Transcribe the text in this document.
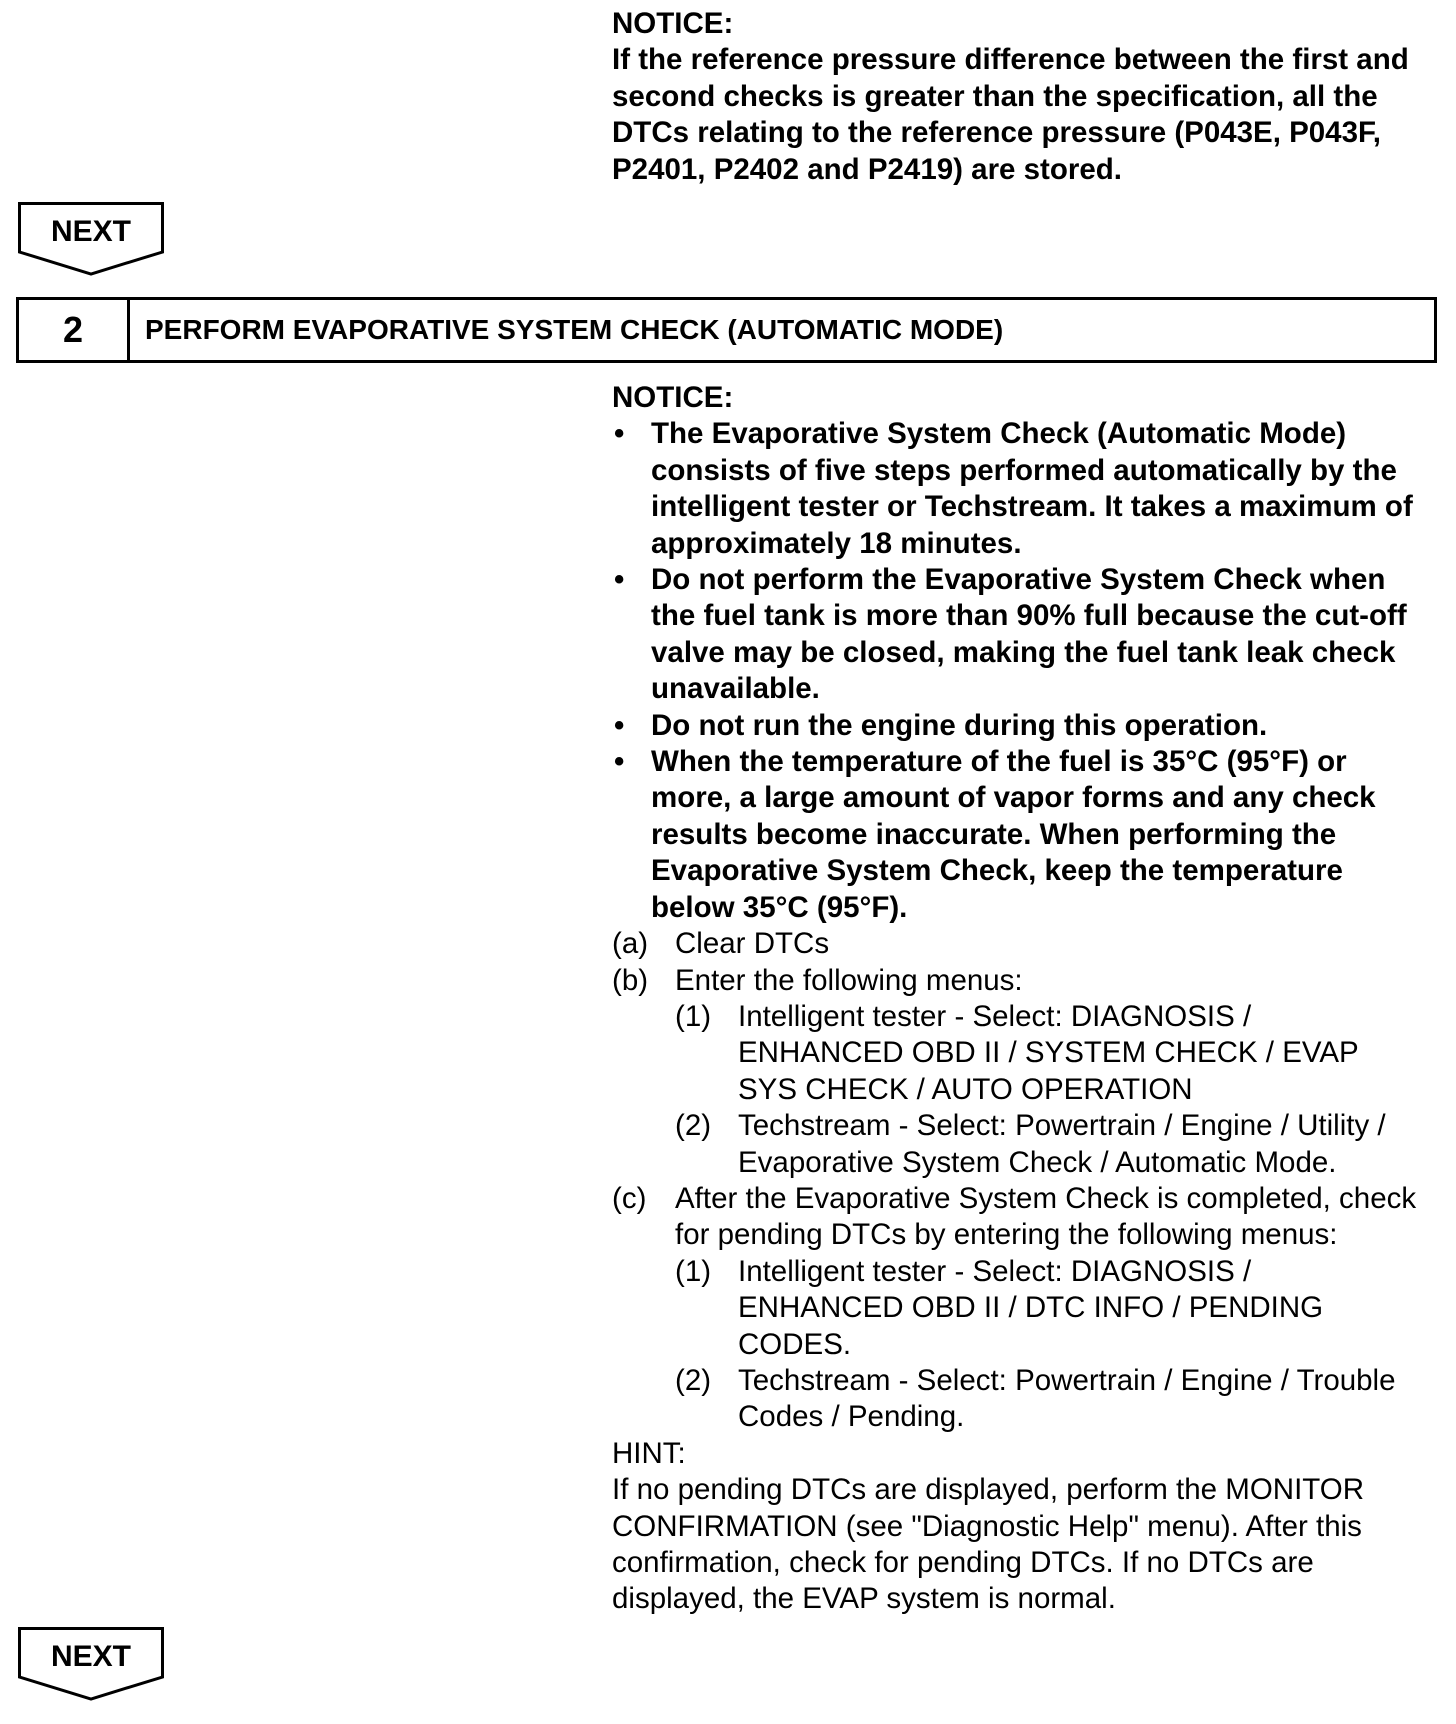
NOTICE:
If the reference pressure difference between the first and
second checks is greater than the specification, all the
DTCs relating to the reference pressure (P043E, P043F,
P2401, P2402 and P2419) are stored.
NEXT
2	PERFORM EVAPORATIVE SYSTEM CHECK (AUTOMATIC MODE)
NOTICE:
• The Evaporative System Check (Automatic Mode)
consists of five steps performed automatically by the
intelligent tester or Techstream. It takes a maximum of
approximately 18 minutes.
• Do not perform the Evaporative System Check when
the fuel tank is more than 90% full because the cut-off
valve may be closed, making the fuel tank leak check
unavailable.
• Do not run the engine during this operation.
• When the temperature of the fuel is 35°C (95°F) or
more, a large amount of vapor forms and any check
results become inaccurate. When performing the
Evaporative System Check, keep the temperature
below 35°C (95°F).
(a) Clear DTCs
(b) Enter the following menus:
(1) Intelligent tester - Select: DIAGNOSIS /
ENHANCED OBD II / SYSTEM CHECK / EVAP
SYS CHECK / AUTO OPERATION
(2) Techstream - Select: Powertrain / Engine / Utility /
Evaporative System Check / Automatic Mode.
(c) After the Evaporative System Check is completed, check
for pending DTCs by entering the following menus:
(1) Intelligent tester - Select: DIAGNOSIS /
ENHANCED OBD II / DTC INFO / PENDING
CODES.
(2) Techstream - Select: Powertrain / Engine / Trouble
Codes / Pending.
HINT:
If no pending DTCs are displayed, perform the MONITOR
CONFIRMATION (see "Diagnostic Help" menu). After this
confirmation, check for pending DTCs. If no DTCs are
displayed, the EVAP system is normal.
NEXT
